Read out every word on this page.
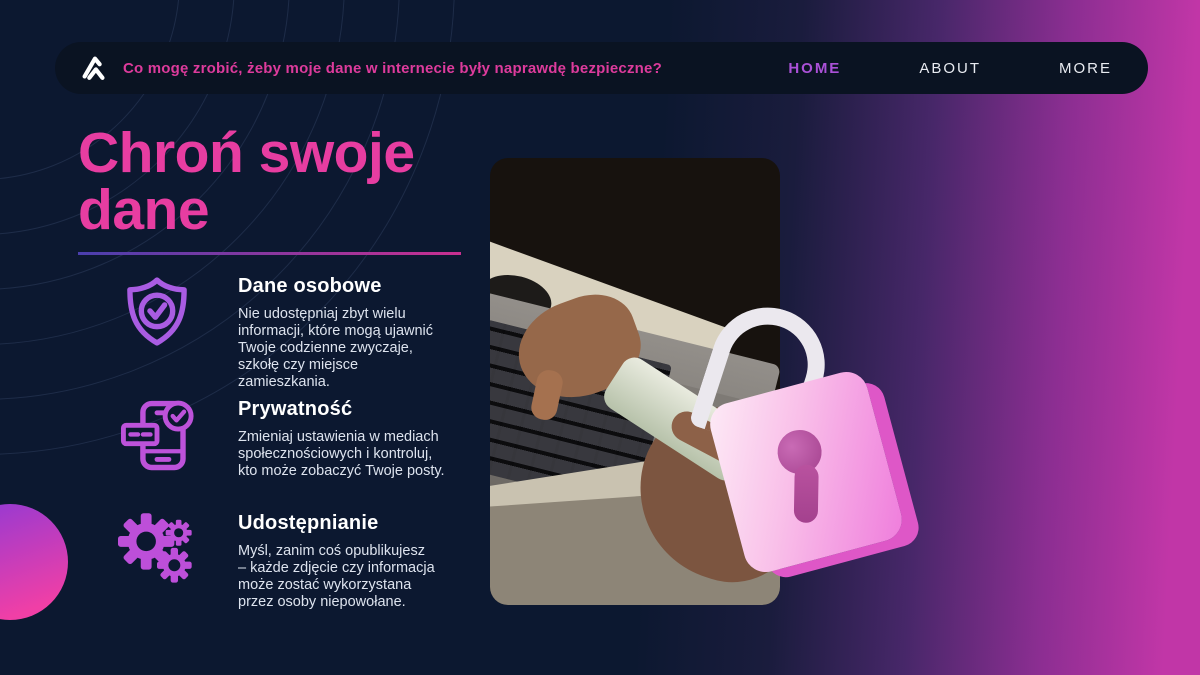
Co mogę zrobić, żeby moje dane w internecie były naprawdę bezpieczne?	HOME	ABOUT	MORE
Chroń swoje
dane
Dane osobowe
Nie udostępniaj zbyt wielu informacji, które mogą ujawnić Twoje codzienne zwyczaje, szkołę czy miejsce zamieszkania.
Prywatność
Zmieniaj ustawienia w mediach społecznościowych i kontroluj, kto może zobaczyć Twoje posty.
Udostępnianie
Myśl, zanim coś opublikujesz – każde zdjęcie czy informacja może zostać wykorzystana przez osoby niepowołane.
